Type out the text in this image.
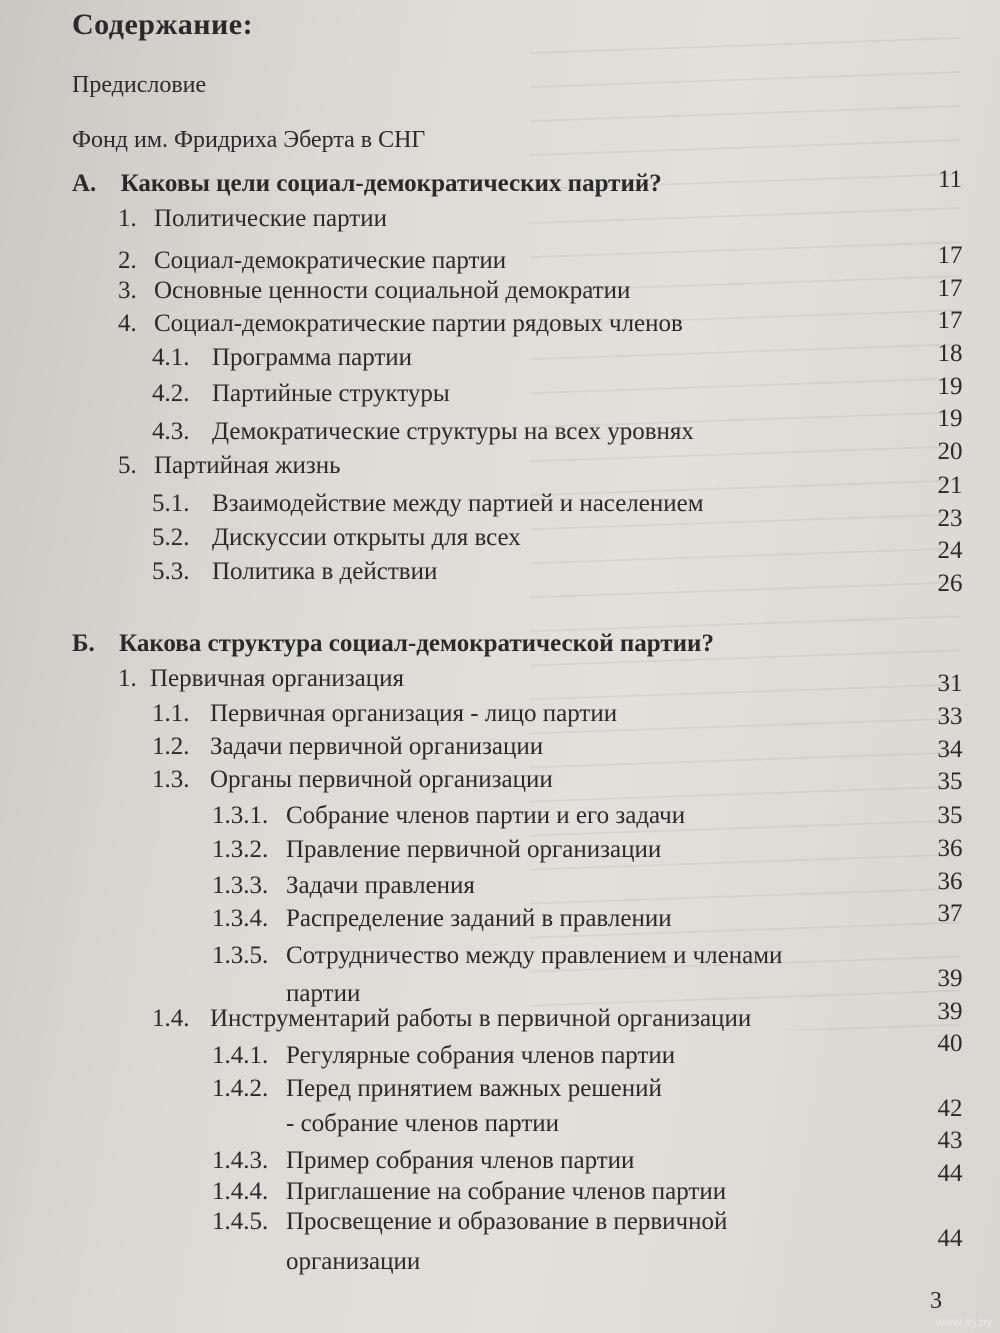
Содержание:
Предисловие
Фонд им. Фридриха Эберта в СНГ
А. Каковы цели социал-демократических партий?
1. Политические партии
2. Социал-демократические партии
3. Основные ценности социальной демократии
4. Социал-демократические партии рядовых членов
4.1. Программа партии
4.2. Партийные структуры
4.3. Демократические структуры на всех уровнях
5. Партийная жизнь
5.1. Взаимодействие между партией и населением
5.2. Дискуссии открыты для всех
5.3. Политика в действии
11
17
17
17
18
19
19
20
21
23
24
26
Б. Какова структура социал-демократической партии?
1. Первичная организация
1.1. Первичная организация - лицо партии
1.2. Задачи первичной организации
1.3. Органы первичной организации
1.3.1. Собрание членов партии и его задачи
1.3.2. Правление первичной организации
1.3.3. Задачи правления
1.3.4. Распределение заданий в правлении
1.3.5. Сотрудничество между правлением и членами
партии
1.4. Инструментарий работы в первичной организации
1.4.1. Регулярные собрания членов партии
1.4.2. Перед принятием важных решений
- собрание членов партии
1.4.3. Пример собрания членов партии
1.4.4. Приглашение на собрание членов партии
1.4.5. Просвещение и образование в первичной
организации
31
33
34
35
35
36
36
37
39
39
40
42
43
44
44
3
www.ay.by
